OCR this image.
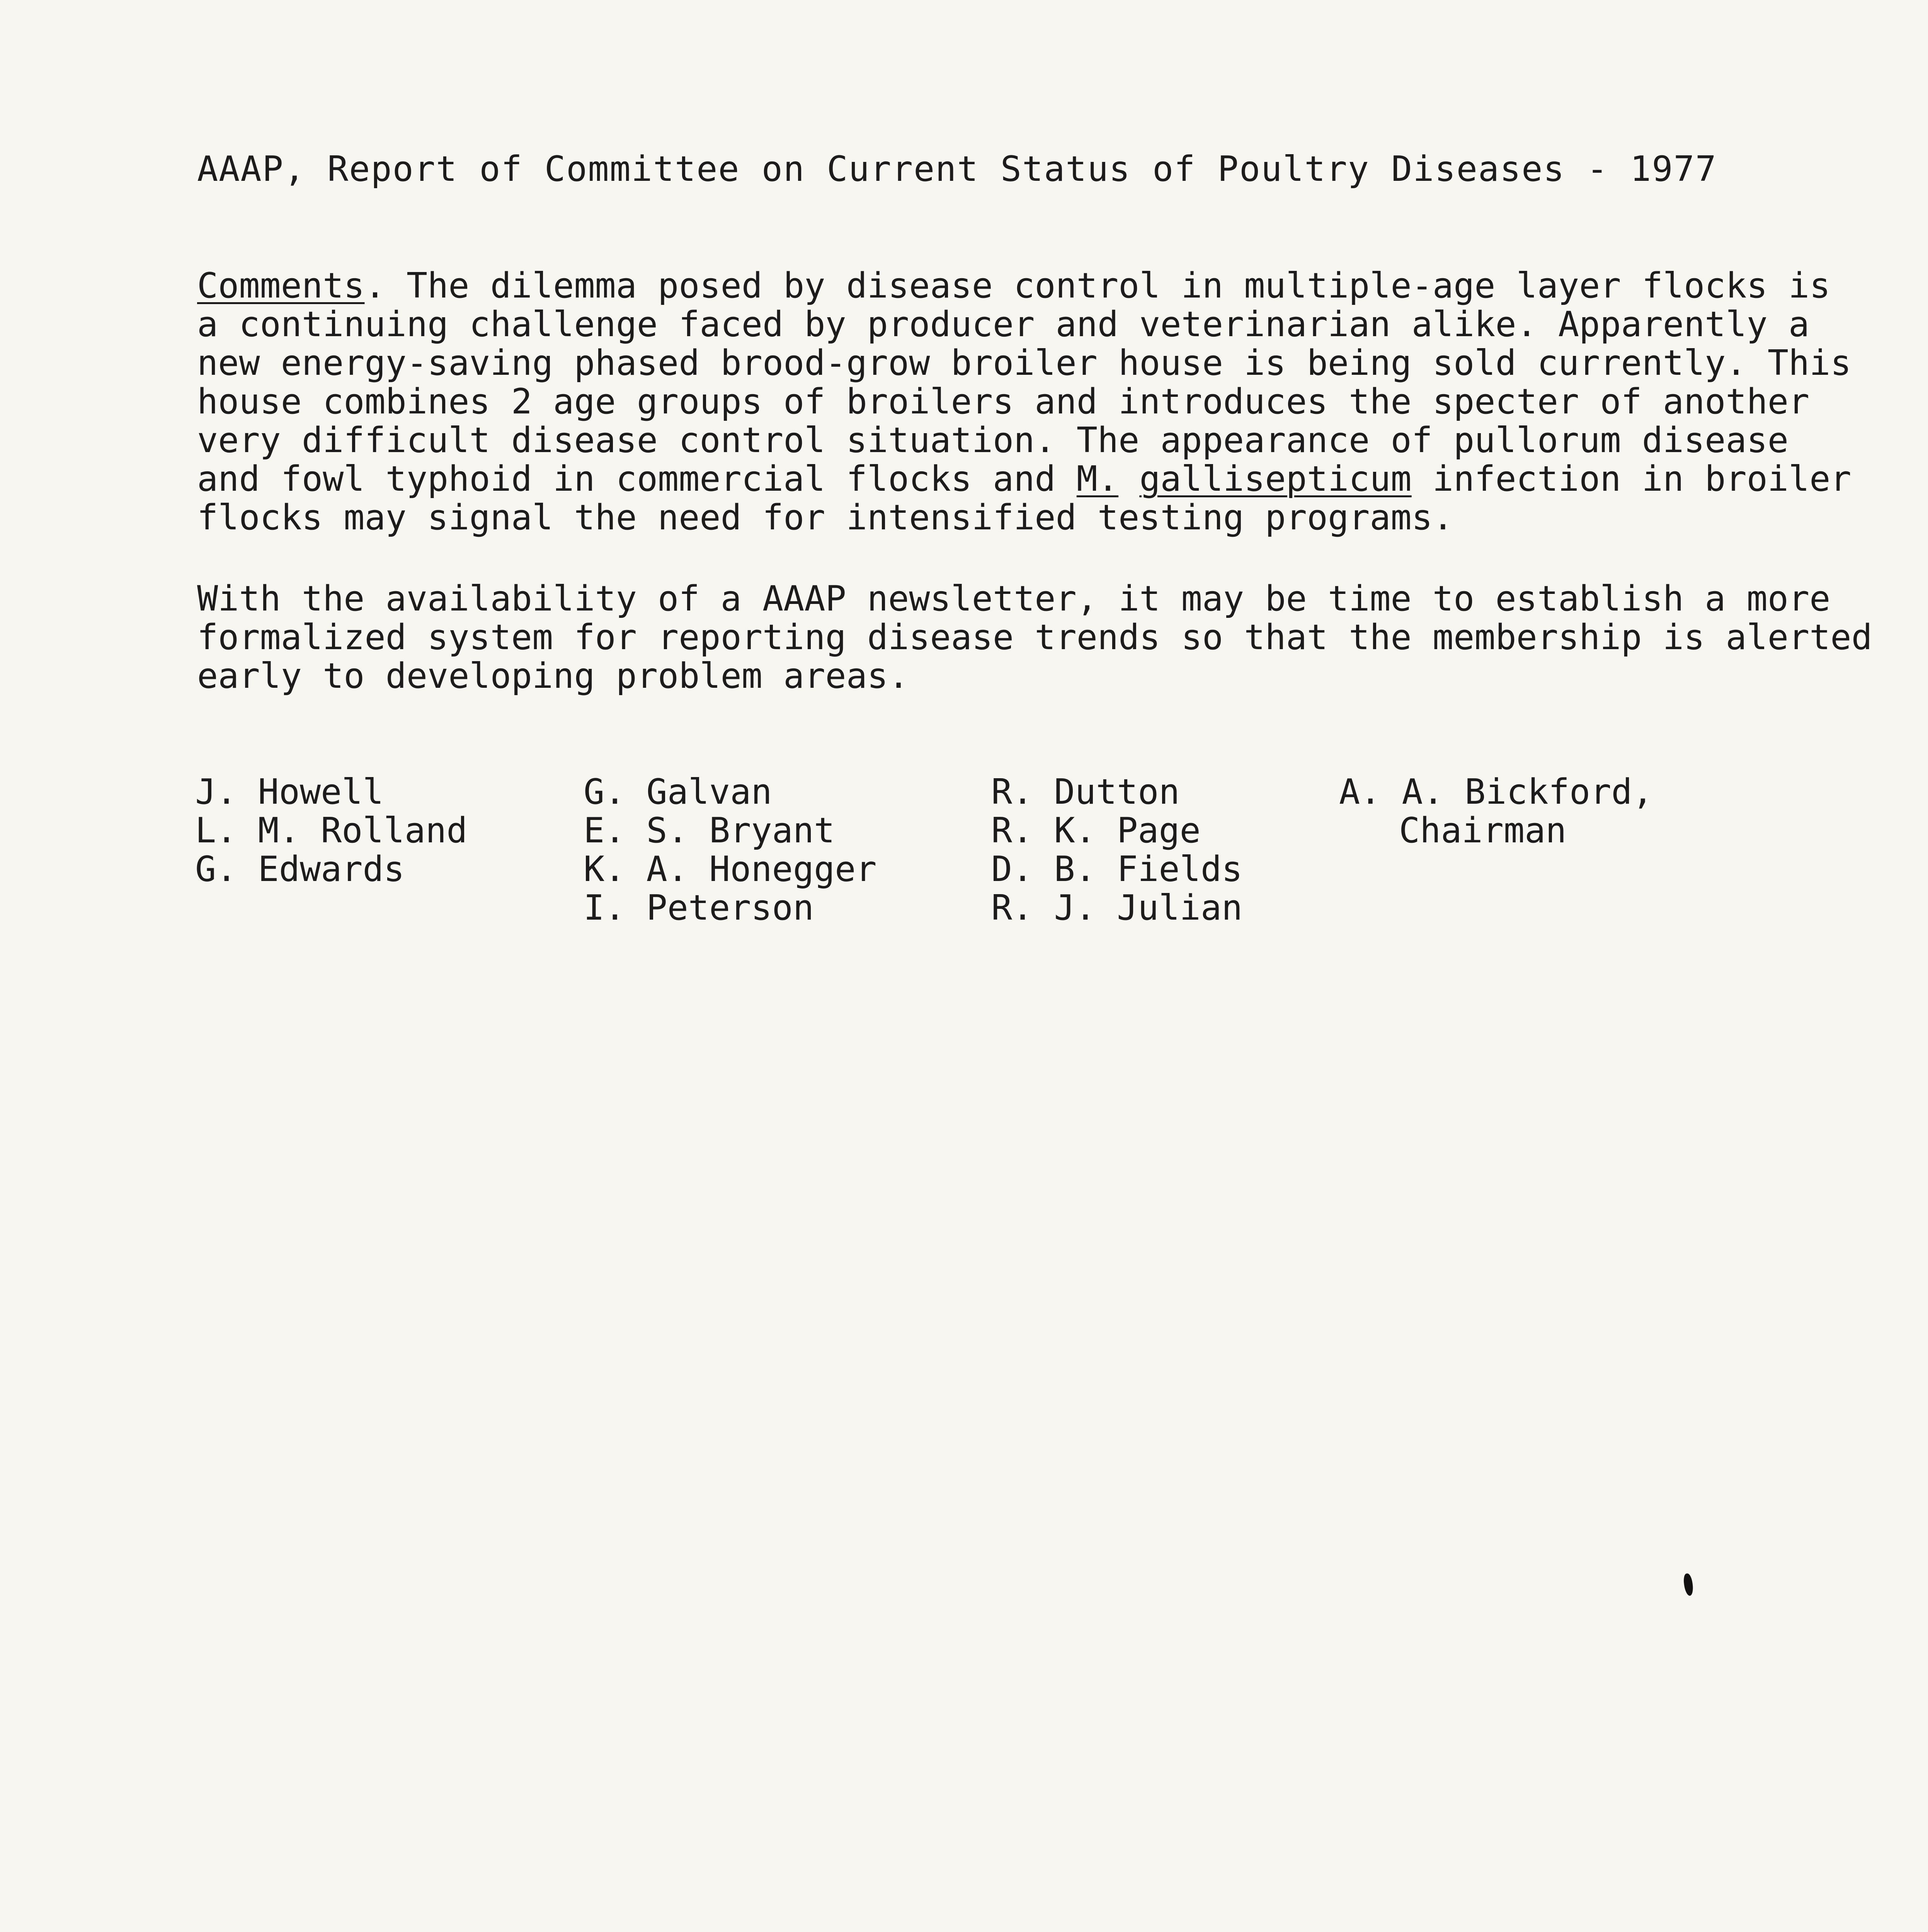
AAAP, Report of Committee on Current Status of Poultry Diseases - 1977
Comments. The dilemma posed by disease control in multiple-age layer flocks is
a continuing challenge faced by producer and veterinarian alike. Apparently a
new energy-saving phased brood-grow broiler house is being sold currently. This
house combines 2 age groups of broilers and introduces the specter of another
very difficult disease control situation. The appearance of pullorum disease
and fowl typhoid in commercial flocks and M. gallisepticum infection in broiler
flocks may signal the need for intensified testing programs.
With the availability of a AAAP newsletter, it may be time to establish a more
formalized system for reporting disease trends so that the membership is alerted
early to developing problem areas.
J. Howell
L. M. Rolland
G. Edwards
G. Galvan
E. S. Bryant
K. A. Honegger
I. Peterson
R. Dutton
R. K. Page
D. B. Fields
R. J. Julian
A. A. Bickford,
Chairman
